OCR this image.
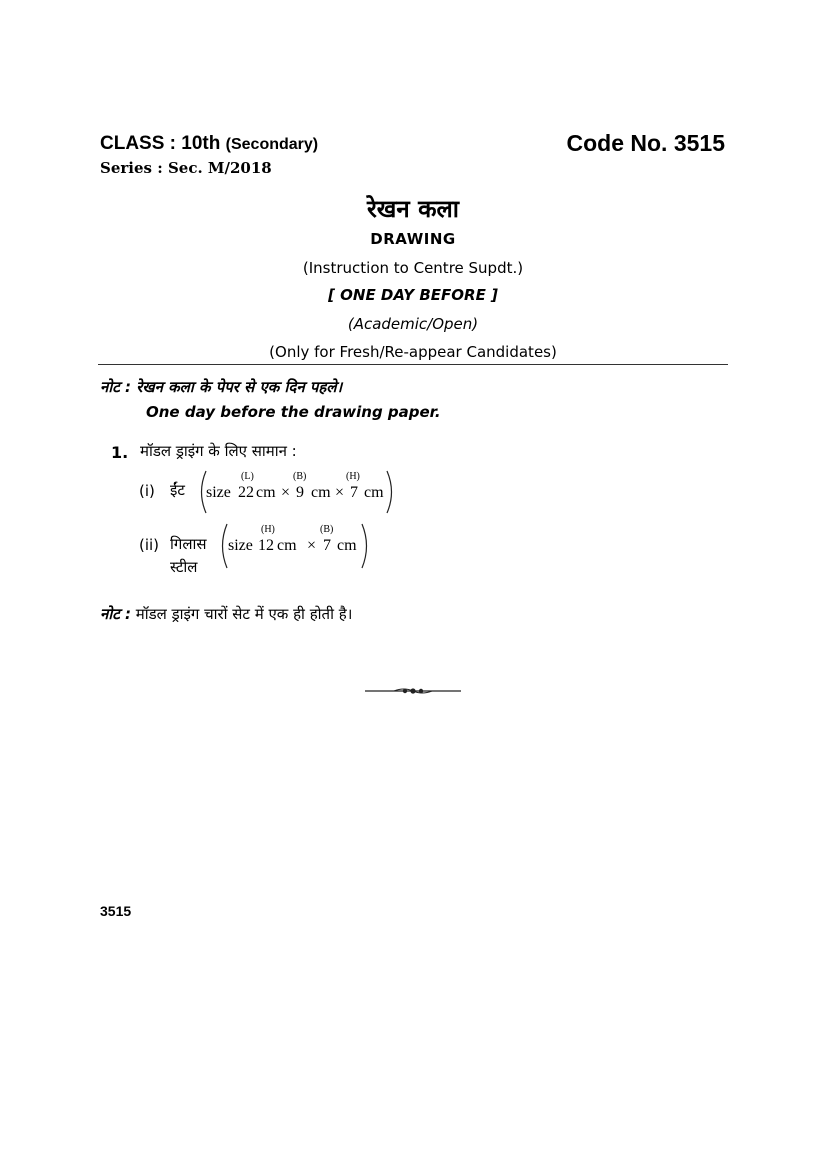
CLASS : 10th (Secondary)	Code No. 3515
Series : Sec. M/2018
रेखन कला
DRAWING
(Instruction to Centre Supdt.)
[ ONE DAY BEFORE ]
(Academic/Open)
(Only for Fresh/Re-appear Candidates)
नोट : रेखन कला के पेपर से एक दिन पहले।
One day before the drawing paper.
1. मॉडल ड्राइंग के लिए सामान :
(i) ईंट size
(L)
22 cm ×
(B)
9 cm ×
(H)
7 cm
(ii) गिलास
स्टील
size
(H)
12 cm ×
(B)
7 cm
नोट : मॉडल ड्राइंग चारों सेट में एक ही होती है।
3515
